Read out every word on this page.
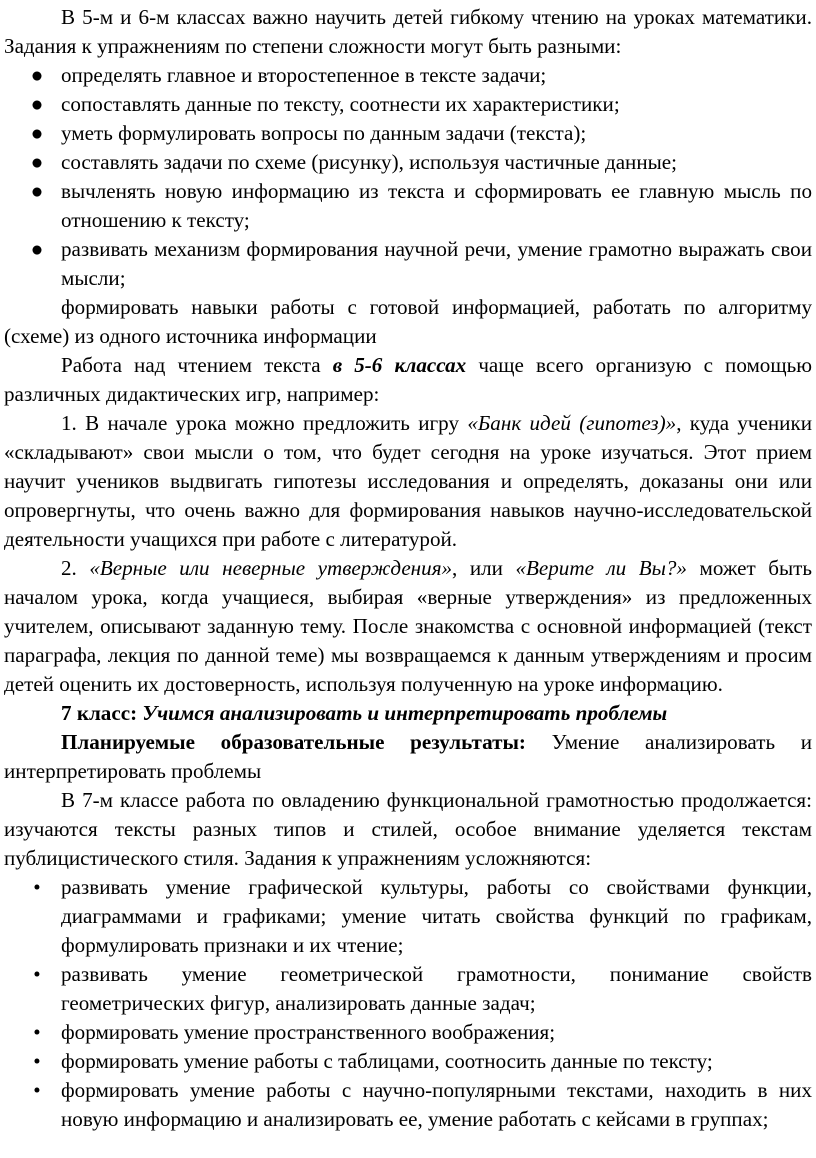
В 5-м и 6-м классах важно научить детей гибкому чтению на уроках математики. Задания к упражнениям по степени сложности могут быть разными:

● определять главное и второстепенное в тексте задачи;
● сопоставлять данные по тексту, соотнести их характеристики;
● уметь формулировать вопросы по данным задачи (текста);
● составлять задачи по схеме (рисунку), используя частичные данные;
● вычленять новую информацию из текста и сформировать ее главную мысль по отношению к тексту;
● развивать механизм формирования научной речи, умение грамотно выражать свои мысли;

формировать навыки работы с готовой информацией, работать по алгоритму (схеме) из одного источника информации

Работа над чтением текста в 5-6 классах чаще всего организую с помощью различных дидактических игр, например:

1. В начале урока можно предложить игру «Банк идей (гипотез)», куда ученики «складывают» свои мысли о том, что будет сегодня на уроке изучаться. Этот прием научит учеников выдвигать гипотезы исследования и определять, доказаны они или опровергнуты, что очень важно для формирования навыков научно-исследовательской деятельности учащихся при работе с литературой.

2. «Верные или неверные утверждения», или «Верите ли Вы?» может быть началом урока, когда учащиеся, выбирая «верные утверждения» из предложенных учителем, описывают заданную тему. После знакомства с основной информацией (текст параграфа, лекция по данной теме) мы возвращаемся к данным утверждениям и просим детей оценить их достоверность, используя полученную на уроке информацию.

7 класс: Учимся анализировать и интерпретировать проблемы

Планируемые образовательные результаты: Умение анализировать и интерпретировать проблемы

В 7-м классе работа по овладению функциональной грамотностью продолжается: изучаются тексты разных типов и стилей, особое внимание уделяется текстам публицистического стиля. Задания к упражнениям усложняются:

• развивать умение графической культуры, работы со свойствами функции, диаграммами и графиками; умение читать свойства функций по графикам, формулировать признаки и их чтение;
• развивать умение геометрической грамотности, понимание свойств геометрических фигур, анализировать данные задач;
• формировать умение пространственного воображения;
• формировать умение работы с таблицами, соотносить данные по тексту;
• формировать умение работы с научно-популярными текстами, находить в них новую информацию и анализировать ее, умение работать с кейсами в группах;
